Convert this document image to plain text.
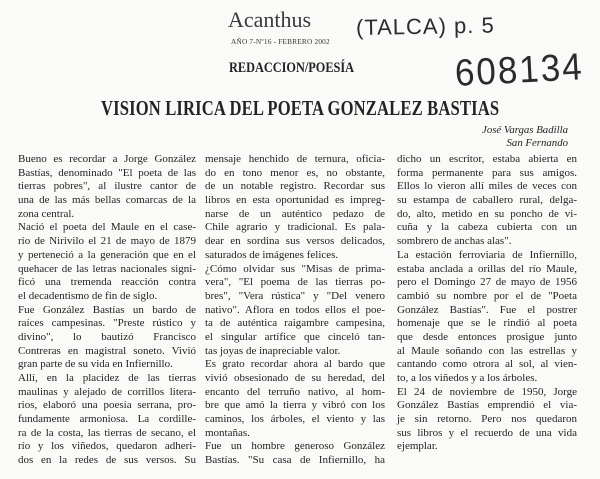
Acanthus
AÑO 7-Nº16 - FEBRERO 2002
REDACCION/POESÍA
(TALCA) p. 5
608134
VISION LIRICA DEL POETA GONZALEZ BASTIAS
José Vargas Badilla
San Fernando
Bueno es recordar a Jorge González
Bastías, denominado "El poeta de las
tierras pobres", al ilustre cantor de
una de las más bellas comarcas de la
zona central.
Nació el poeta del Maule en el case-
río de Nirivilo el 21 de mayo de 1879
y perteneció a la generación que en el
quehacer de las letras nacionales signi-
ficó una tremenda reacción contra
el decadentismo de fin de siglo.
Fue González Bastías un bardo de
raíces campesinas. "Preste rústico y
divino", lo bautizó Francisco
Contreras en magistral soneto. Vivió
gran parte de su vida en Infiernillo.
Allí, en la placidez de las tierras
maulinas y alejado de corrillos litera-
rios, elaboró una poesía serrana, pro-
fundamente armoniosa. La cordille-
ra de la costa, las tierras de secano, el
río y los viñedos, quedaron adheri-
dos en la redes de sus versos. Su
mensaje henchido de ternura, oficia-
do en tono menor es, no obstante,
de un notable registro. Recordar sus
libros en esta oportunidad es impreg-
narse de un auténtico pedazo de
Chile agrario y tradicional. Es pala-
dear en sordina sus versos delicados,
saturados de imágenes felices.
¿Cómo olvidar sus "Misas de prima-
vera", "El poema de las tierras po-
bres", "Vera rústica" y "Del venero
nativo". Aflora en todos ellos el poe-
ta de auténtica raigambre campesina,
el singular artífice que cinceló tan-
tas joyas de inapreciable valor.
Es grato recordar ahora al bardo que
vivió obsesionado de su heredad, del
encanto del terruño nativo, al hom-
bre que amó la tierra y vibró con los
caminos, los árboles, el viento y las
montañas.
Fue un hombre generoso González
Bastías. "Su casa de Infiernillo, ha
dicho un escritor, estaba abierta en
forma permanente para sus amigos.
Ellos lo vieron allí miles de veces con
su estampa de caballero rural, delga-
do, alto, metido en su poncho de vi-
cuña y la cabeza cubierta con un
sombrero de anchas alas".
La estación ferroviaria de Infiernillo,
estaba anclada a orillas del río Maule,
pero el Domingo 27 de mayo de 1956
cambió su nombre por el de "Poeta
González Bastías". Fue el postrer
homenaje que se le rindió al poeta
que desde entonces prosigue junto
al Maule soñando con las estrellas y
cantando como otrora al sol, al vien-
to, a los viñedos y a los árboles.
El 24 de noviembre de 1950, Jorge
González Bastías emprendió el via-
je sin retorno. Pero nos quedaron
sus libros y el recuerdo de una vida
ejemplar.
